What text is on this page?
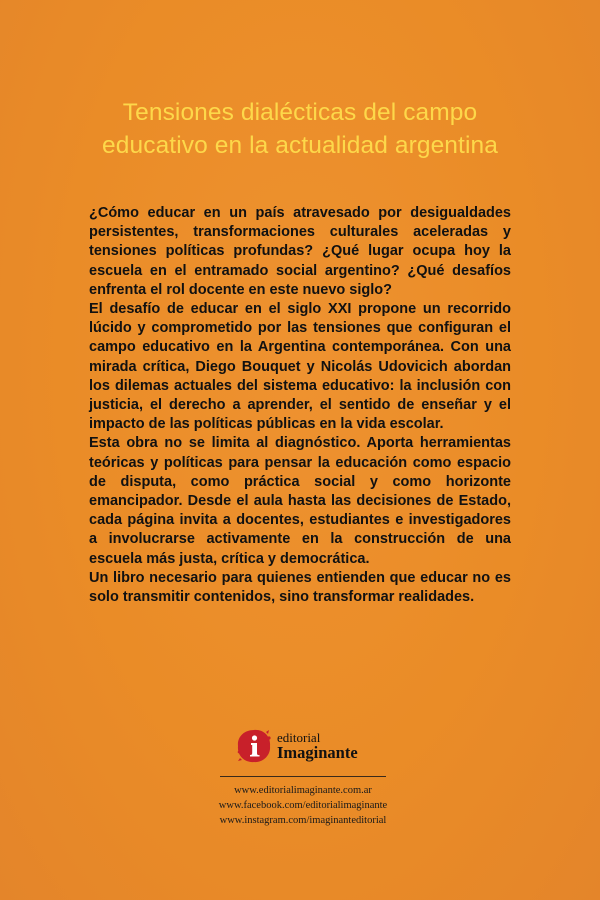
Tensiones dialécticas del campo
educativo en la actualidad argentina

¿Cómo educar en un país atravesado por desigualdades persistentes, transformaciones culturales aceleradas y tensiones políticas profundas? ¿Qué lugar ocupa hoy la escuela en el entramado social argentino? ¿Qué desafíos enfrenta el rol docente en este nuevo siglo?

El desafío de educar en el siglo XXI propone un recorrido lúcido y comprometido por las tensiones que configuran el campo educativo en la Argentina contemporánea. Con una mirada crítica, Diego Bouquet y Nicolás Udovicich abordan los dilemas actuales del sistema educativo: la inclusión con justicia, el derecho a aprender, el sentido de enseñar y el impacto de las políticas públicas en la vida escolar.

Esta obra no se limita al diagnóstico. Aporta herramientas teóricas y políticas para pensar la educación como espacio de disputa, como práctica social y como horizonte emancipador. Desde el aula hasta las decisiones de Estado, cada página invita a docentes, estudiantes e investigadores a involucrarse activamente en la construcción de una escuela más justa, crítica y democrática.

Un libro necesario para quienes entienden que educar no es solo transmitir contenidos, sino transformar realidades.

editorial
Imaginante
www.editorialimaginante.com.ar
www.facebook.com/editorialimaginante
www.instagram.com/imaginanteditorial
